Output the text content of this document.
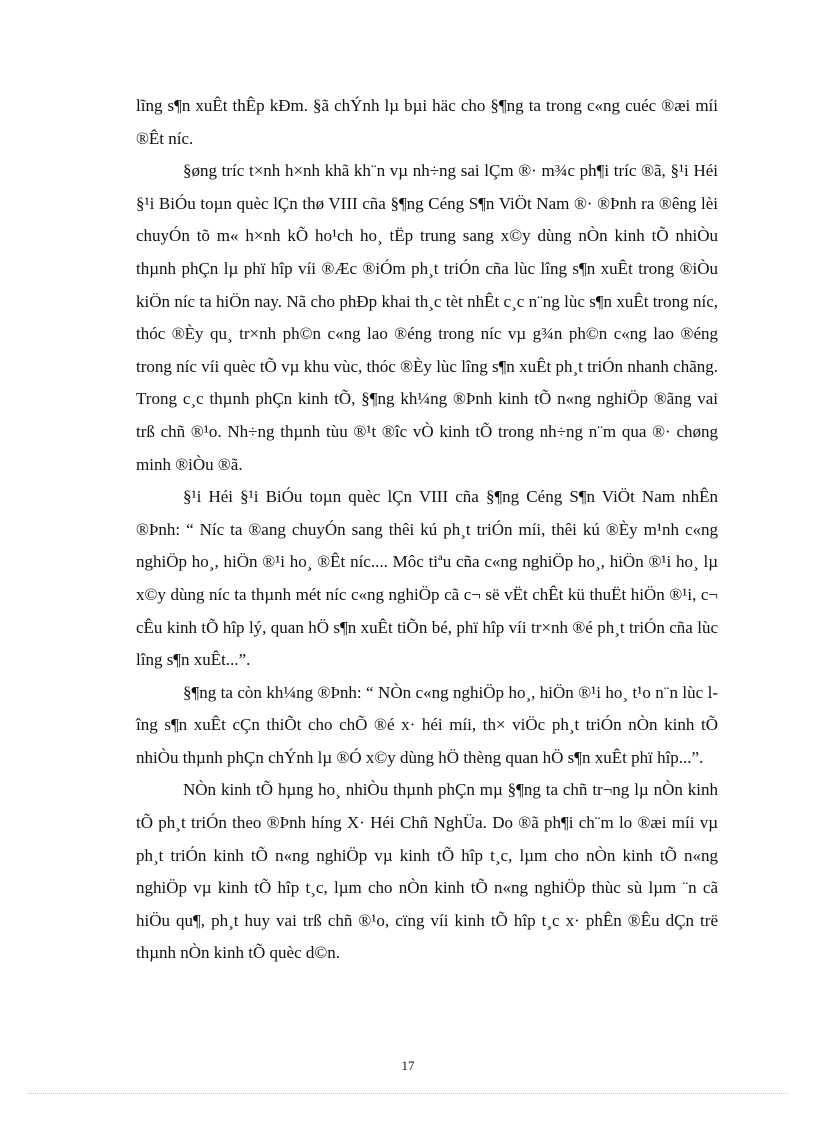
lĩng s¶n xuÊt thÊp kÐm. §ã chÝnh lµ bµi häc cho §¶ng ta trong c«ng cuéc ®æi míi ®Êt níc.

§øng tríc t×nh h×nh khã kh¨n vµ nh÷ng sai lÇm ®· m¾c ph¶i tríc ®ã, §¹i Héi §¹i BiÓu toµn quèc lÇn thø VIII cña §¶ng Céng S¶n ViÖt Nam ®· ®Þnh ra ®êng lèi chuyÓn tõ m« h×nh kÕ ho¹ch ho¸ tËp trung sang x©y dùng nÒn kinh tÕ nhiÒu thµnh phÇn lµ phï hîp víi ®Æc ®iÓm ph¸t triÓn cña lùc lîng s¶n xuÊt trong ®iÒu kiÖn níc ta hiÖn nay. Nã cho phÐp khai th¸c tèt nhÊt c¸c n¨ng lùc s¶n xuÊt trong níc, thóc ®Èy qu¸ tr×nh ph©n c«ng lao ®éng trong níc vµ g¾n ph©n c«ng lao ®éng trong níc víi quèc tÕ vµ khu vùc, thóc ®Èy lùc lîng s¶n xuÊt ph¸t triÓn nhanh chãng. Trong c¸c thµnh phÇn kinh tÕ, §¶ng kh¼ng ®Þnh kinh tÕ n«ng nghiÖp ®ãng vai trß chñ ®¹o. Nh÷ng thµnh tùu ®¹t ®îc vÒ kinh tÕ trong nh÷ng n¨m qua ®· chøng minh ®iÒu ®ã.

§¹i Héi §¹i BiÓu toµn quèc lÇn VIII cña §¶ng Céng S¶n ViÖt Nam nhÊn ®Þnh: “ Níc ta ®ang chuyÓn sang thêi kú ph¸t triÓn míi, thêi kú ®Èy m¹nh c«ng nghiÖp ho¸, hiÖn ®¹i ho¸ ®Êt níc.... Môc tiªu cña c«ng nghiÖp ho¸, hiÖn ®¹i ho¸ lµ x©y dùng níc ta thµnh mét níc c«ng nghiÖp cã c¬ së vËt chÊt kü thuËt hiÖn ®¹i, c¬ cÊu kinh tÕ hîp lý, quan hÖ s¶n xuÊt tiÕn bé, phï hîp víi tr×nh ®é ph¸t triÓn cña lùc lîng s¶n xuÊt...”.

§¶ng ta còn kh¼ng ®Þnh: “ NÒn c«ng nghiÖp ho¸, hiÖn ®¹i ho¸ t¹o n¨n lùc lîng s¶n xuÊt cÇn thiÕt cho chÕ ®é x· héi míi, th× viÖc ph¸t triÓn nÒn kinh tÕ nhiÒu thµnh phÇn chÝnh lµ ®Ó x©y dùng hÖ thèng quan hÖ s¶n xuÊt phï hîp...”.

NÒn kinh tÕ hµng ho¸ nhiÒu thµnh phÇn mµ §¶ng ta chñ tr¬ng lµ nÒn kinh tÕ ph¸t triÓn theo ®Þnh híng X· Héi Chñ NghÜa. Do ®ã ph¶i ch¨m lo ®æi míi vµ ph¸t triÓn kinh tÕ n«ng nghiÖp vµ kinh tÕ hîp t¸c, lµm cho nÒn kinh tÕ n«ng nghiÖp vµ kinh tÕ hîp t¸c, lµm cho nÒn kinh tÕ n«ng nghiÖp thùc sù lµm ¨n cã hiÖu qu¶, ph¸t huy vai trß chñ ®¹o, cïng víi kinh tÕ hîp t¸c x· phÊn ®Êu dÇn trë thµnh nÒn kinh tÕ quèc d©n.

17
